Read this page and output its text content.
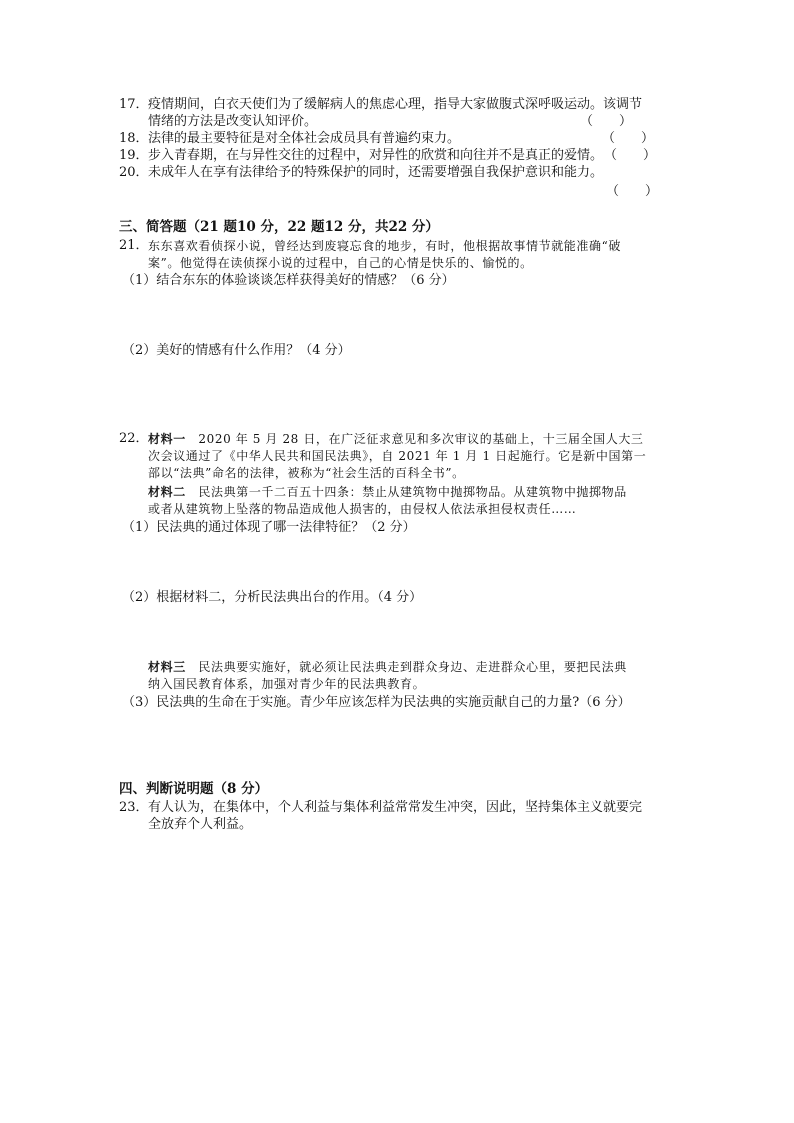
17． 疫情期间，白衣天使们为了缓解病人的焦虑心理，指导大家做腹式深呼吸运动。该调节
情绪的方法是改变认知评价。	（　　）
18． 法律的最主要特征是对全体社会成员具有普遍约束力。	（　　）
19． 步入青春期，在与异性交往的过程中，对异性的欣赏和向往并不是真正的爱情。 （　　）
20． 未成年人在享有法律给予的特殊保护的同时，还需要增强自我保护意识和能力。
（　　）
三、简答题（21 题10 分，22 题12 分，共22 分）
21． 东东喜欢看侦探小说，曾经达到废寝忘食的地步，有时，他根据故事情节就能准确“破
案”。他觉得在读侦探小说的过程中，自己的心情是快乐的、愉悦的。
（1）结合东东的体验谈谈怎样获得美好的情感？（6 分）
（2）美好的情感有什么作用？（4 分）
22． 材料一　2020 年 5 月 28 日，在广泛征求意见和多次审议的基础上，十三届全国人大三
次会议通过了《中华人民共和国民法典》，自 2021 年 1 月 1 日起施行。它是新中国第一
部以“法典”命名的法律，被称为“社会生活的百科全书”。
材料二　民法典第一千二百五十四条：禁止从建筑物中抛掷物品。从建筑物中抛掷物品
或者从建筑物上坠落的物品造成他人损害的，由侵权人依法承担侵权责任……
（1）民法典的通过体现了哪一法律特征？（2 分）
（2）根据材料二，分析民法典出台的作用。（4 分）
材料三　民法典要实施好，就必须让民法典走到群众身边、走进群众心里，要把民法典
纳入国民教育体系，加强对青少年的民法典教育。
（3）民法典的生命在于实施。青少年应该怎样为民法典的实施贡献自己的力量?（6 分）
四、判断说明题（8 分）
23． 有人认为，在集体中，个人利益与集体利益常常发生冲突，因此，坚持集体主义就要完
全放弃个人利益。
